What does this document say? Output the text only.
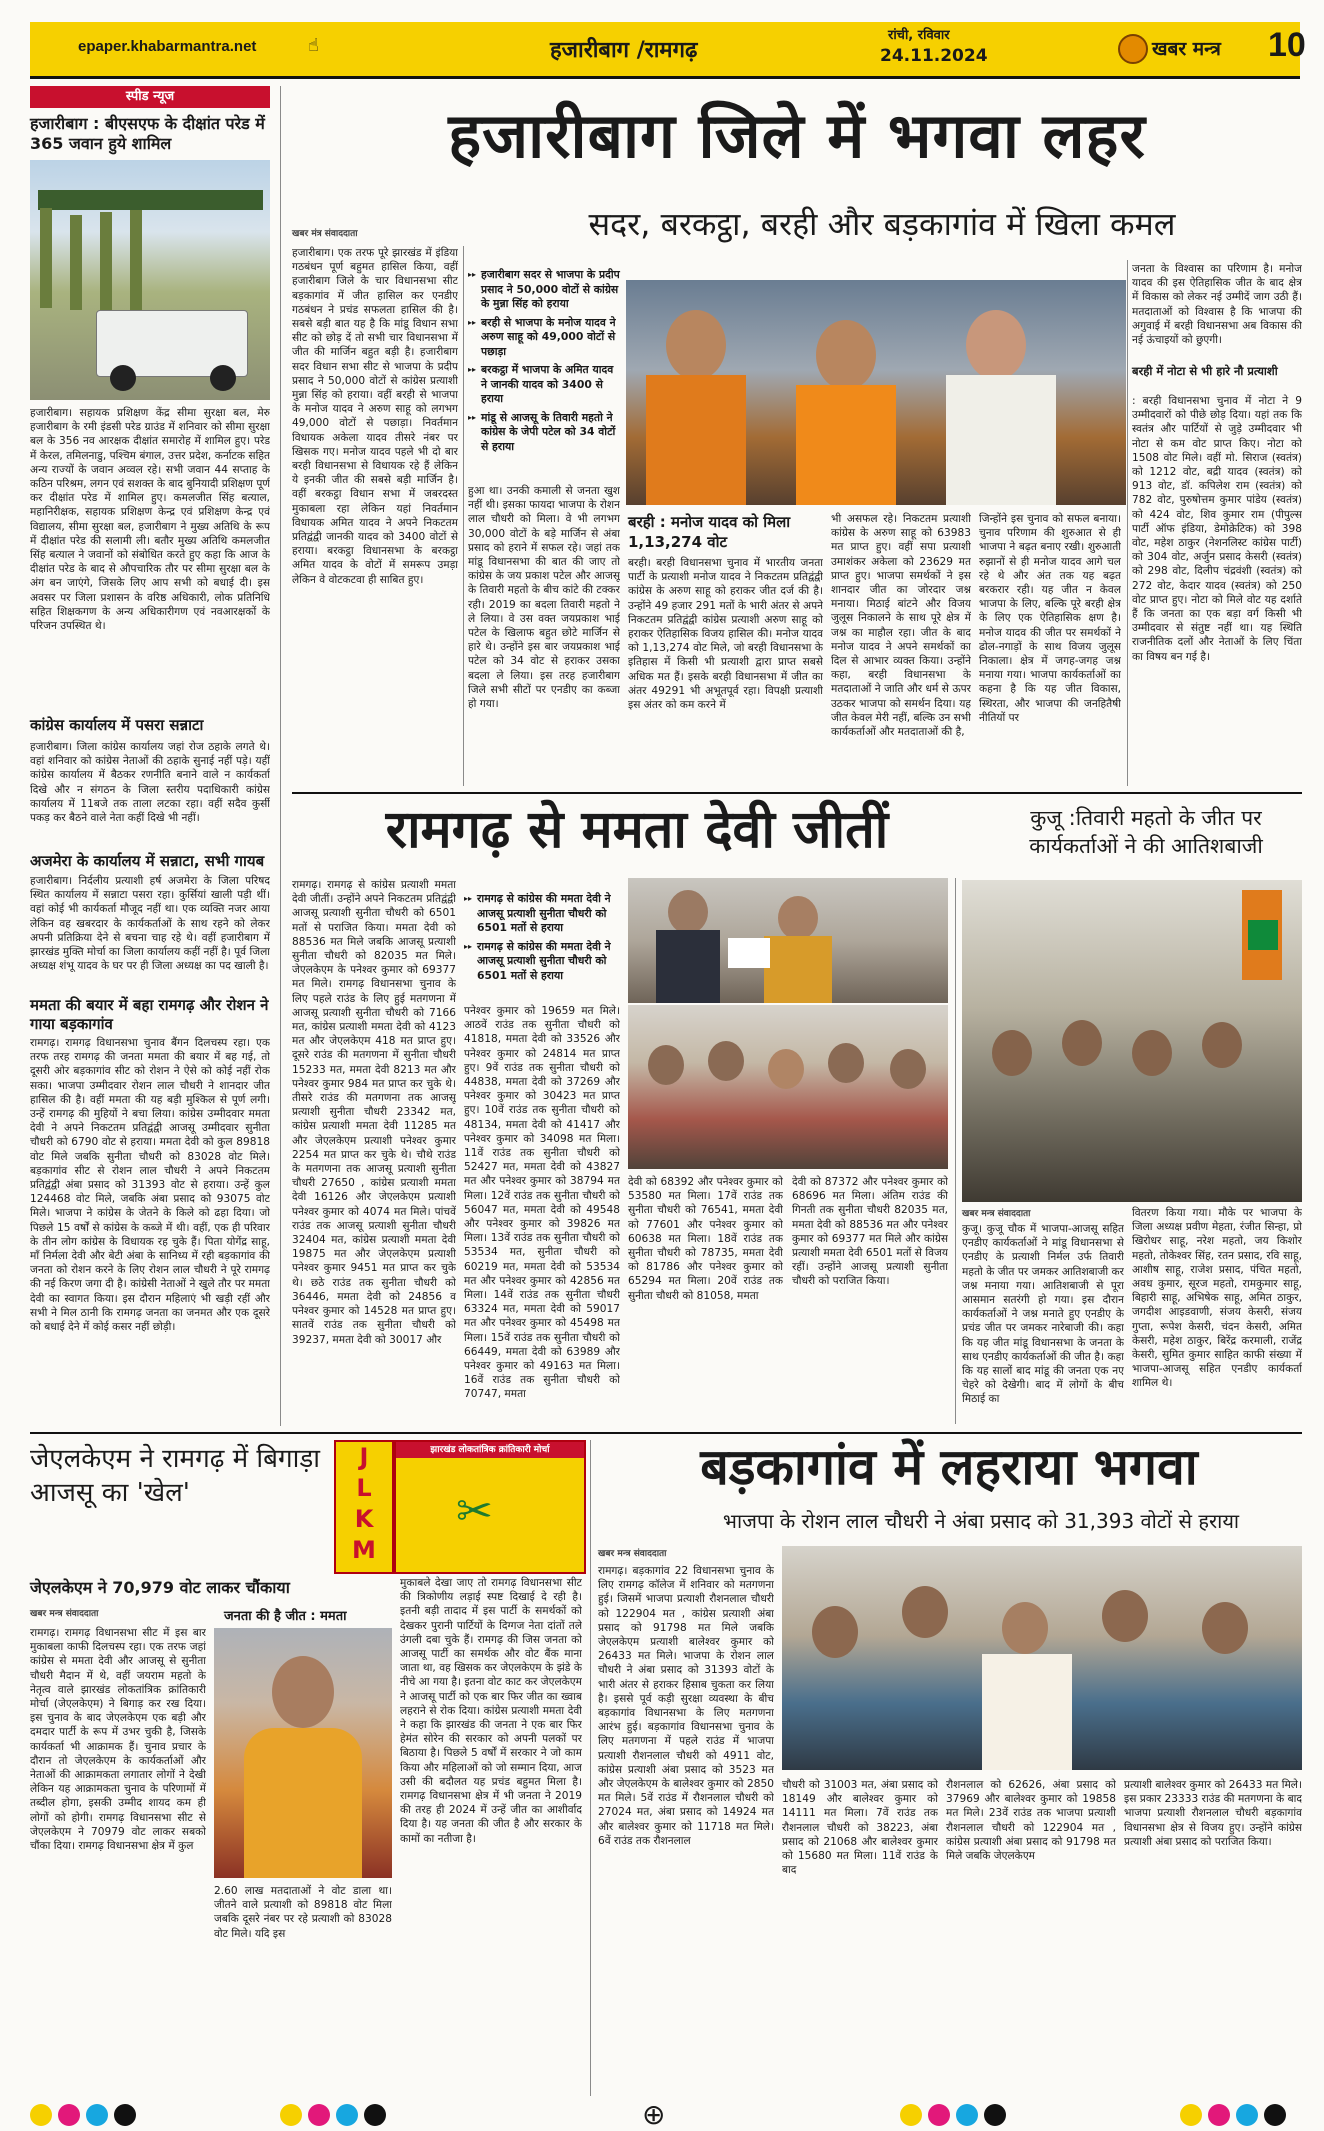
epaper.khabarmantra.net	☝	हजारीबाग /रामगढ़
रांची, रविवार
24.11.2024	खबर मन्त्र 10
स्पीड न्यूज
हजारीबाग : बीएसएफ के दीक्षांत परेड में 365 जवान हुये शामिल
हजारीबाग। सहायक प्रशिक्षण केंद्र सीमा सुरक्षा बल, मेरु हजारीबाग के रमी इंडसी परेड ग्राउंड में शनिवार को सीमा सुरक्षा बल के 356 नव आरक्षक दीक्षांत समारोह में शामिल हुए। परेड में केरल, तमिलनाडु, पश्चिम बंगाल, उत्तर प्रदेश, कर्नाटक सहित अन्य राज्यों के जवान अव्वल रहे। सभी जवान 44 सप्ताह के कठिन परिश्रम, लगन एवं सशक्त के बाद बुनियादी प्रशिक्षण पूर्ण कर दीक्षांत परेड में शामिल हुए। कमलजीत सिंह बत्याल, महानिरीक्षक, सहायक प्रशिक्षण केन्द्र एवं प्रशिक्षण केन्द्र एवं विद्यालय, सीमा सुरक्षा बल, हजारीबाग ने मुख्य अतिथि के रूप में दीक्षांत परेड की सलामी ली। बतौर मुख्य अतिथि कमलजीत सिंह बत्याल ने जवानों को संबोधित करते हुए कहा कि आज के दीक्षांत परेड के बाद से औपचारिक तौर पर सीमा सुरक्षा बल के अंग बन जाएंगे, जिसके लिए आप सभी को बधाई दी। इस अवसर पर जिला प्रशासन के वरिष्ठ अधिकारी, लोक प्रतिनिधि सहित शिक्षकगण के अन्य अधिकारीगण एवं नवआरक्षकों के परिजन उपस्थित थे।
कांग्रेस कार्यालय में पसरा सन्नाटा
हजारीबाग। जिला कांग्रेस कार्यालय जहां रोज ठहाके लगते थे। वहां शनिवार को कांग्रेस नेताओं की ठहाके सुनाई नहीं पड़े। यहीं कांग्रेस कार्यालय में बैठकर रणनीति बनाने वाले न कार्यकर्ता दिखे और न संगठन के जिला स्तरीय पदाधिकारी कांग्रेस कार्यालय में 11बजे तक ताला लटका रहा। वहीं सदैव कुर्सी पकड़ कर बैठने वाले नेता कहीं दिखे भी नहीं।
अजमेरा के कार्यालय में सन्नाटा, सभी गायब
हजारीबाग। निर्दलीय प्रत्याशी हर्ष अजमेरा के जिला परिषद स्थित कार्यालय में सन्नाटा पसरा रहा। कुर्सियां खाली पड़ी थीं। वहां कोई भी कार्यकर्ता मौजूद नहीं था। एक व्यक्ति नजर आया लेकिन वह खबरदार के कार्यकर्ताओं के साथ रहने को लेकर अपनी प्रतिक्रिया देने से बचना चाह रहे थे। वहीं हजारीबाग में झारखंड मुक्ति मोर्चा का जिला कार्यालय कहीं नहीं है। पूर्व जिला अध्यक्ष शंभू यादव के घर पर ही जिला अध्यक्ष का पद खाली है।
ममता की बयार में बहा रामगढ़ और रोशन ने गाया बड़कागांव
रामगढ़। रामगढ़ विधानसभा चुनाव बैंगन दिलचस्प रहा। एक तरफ तरह रामगढ़ की जनता ममता की बयार में बह गई, तो दूसरी ओर बड़कागांव सीट को रोशन ने ऐसे को कोई नहीं रोक सका। भाजपा उम्मीदवार रोशन लाल चौधरी ने शानदार जीत हासिल की है। वहीं ममता की यह बड़ी मुश्किल से पूर्ण लगी। उन्हें रामगढ़ की मुहियों ने बचा लिया। कांग्रेस उम्मीदवार ममता देवी ने अपने निकटतम प्रतिद्वंद्वी आजसू उम्मीदवार सुनीता चौधरी को 6790 वोट से हराया। ममता देवी को कुल 89818 वोट मिले जबकि सुनीता चौधरी को 83028 वोट मिले। बड़कागांव सीट से रोशन लाल चौधरी ने अपने निकटतम प्रतिद्वंद्वी अंबा प्रसाद को 31393 वोट से हराया। उन्हें कुल 124468 वोट मिले, जबकि अंबा प्रसाद को 93075 वोट मिले। भाजपा ने कांग्रेस के जेतने के किले को ढहा दिया। जो पिछले 15 वर्षों से कांग्रेस के कब्जे में थी। वहीं, एक ही परिवार के तीन लोग कांग्रेस के विधायक रह चुके हैं। पिता योगेंद्र साहू, माँ निर्मला देवी और बेटी अंबा के सानिध्य में रही बड़कागांव की जनता को रोशन करने के लिए रोशन लाल चौधरी ने पूरे रामगढ़ की नई किरण जगा दी है। कांग्रेसी नेताओं ने खुले तौर पर ममता देवी का स्वागत किया। इस दौरान महिलाएं भी खड़ी रहीं और सभी ने मिल ठानी कि रामगढ़ जनता का जनमत और एक दूसरे को बधाई देने में कोई कसर नहीं छोड़ी।
हजारीबाग जिले में भगवा लहर
सदर, बरकट्ठा, बरही और बड़कागांव में खिला कमल
खबर मंत्र संवाददाता
हजारीबाग। एक तरफ पूरे झारखंड में इंडिया गठबंधन पूर्ण बहुमत हासिल किया, वहीं हजारीबाग जिले के चार विधानसभा सीट बड़कागांव में जीत हासिल कर एनडीए गठबंधन ने प्रचंड सफलता हासिल की है। सबसे बड़ी बात यह है कि मांडू विधान सभा सीट को छोड़ दें तो सभी चार विधानसभा में जीत की मार्जिन बहुत बड़ी है। हजारीबाग सदर विधान सभा सीट से भाजपा के प्रदीप प्रसाद ने 50,000 वोटों से कांग्रेस प्रत्याशी मुन्ना सिंह को हराया। वहीं बरही से भाजपा के मनोज यादव ने अरुण साहू को लगभग 49,000 वोटों से पछाड़ा। निवर्तमान विधायक अकेला यादव तीसरे नंबर पर खिसक गए। मनोज यादव पहले भी दो बार बरही विधानसभा से विधायक रहे हैं लेकिन ये इनकी जीत की सबसे बड़ी मार्जिन है। वहीं बरकट्ठा विधान सभा में जबरदस्त मुकाबला रहा लेकिन यहां निवर्तमान विधायक अमित यादव ने अपने निकटतम प्रतिद्वंद्वी जानकी यादव को 3400 वोटों से हराया। बरकट्ठा विधानसभा के बरकट्ठा अमित यादव के वोटों में समरूप उमड़ा लेकिन वे वोटकटवा ही साबित हुए।
▸▸ हजारीबाग सदर से भाजपा के प्रदीप प्रसाद ने 50,000 वोटों से कांग्रेस के मुन्ना सिंह को हराया
▸▸ बरही से भाजपा के मनोज यादव ने अरुण साहू को 49,000 वोटों से पछाड़ा
▸▸ बरकट्ठा में भाजपा के अमित यादव ने जानकी यादव को 3400 से हराया
▸▸ मांडू से आजसू के तिवारी महतो ने कांग्रेस के जेपी पटेल को 34 वोटों से हराया
हुआ था। उनकी कमाली से जनता खुश नहीं थी। इसका फायदा भाजपा के रोशन लाल चौधरी को मिला। वे भी लगभग 30,000 वोटों के बड़े मार्जिन से अंबा प्रसाद को हराने में सफल रहे। जहां तक मांडू विधानसभा की बात की जाए तो कांग्रेस के जय प्रकाश पटेल और आजसू के तिवारी महतो के बीच कांटे की टक्कर रही। 2019 का बदला तिवारी महतो ने ले लिया। वे उस वक्त जयप्रकाश भाई पटेल के खिलाफ बहुत छोटे मार्जिन से हारे थे। उन्होंने इस बार जयप्रकाश भाई पटेल को 34 वोट से हराकर उसका बदला ले लिया। इस तरह हजारीबाग जिले सभी सीटों पर एनडीए का कब्जा हो गया।
बरही : मनोज यादव को मिला 1,13,274 वोट
बरही। बरही विधानसभा चुनाव में भारतीय जनता पार्टी के प्रत्याशी मनोज यादव ने निकटतम प्रतिद्वंद्वी कांग्रेस के अरुण साहू को हराकर जीत दर्ज की है। उन्होंने 49 हजार 291 मतों के भारी अंतर से अपने निकटतम प्रतिद्वंद्वी कांग्रेस प्रत्याशी अरुण साहू को हराकर ऐतिहासिक विजय हासिल की। मनोज यादव को 1,13,274 वोट मिले, जो बरही विधानसभा के इतिहास में किसी भी प्रत्याशी द्वारा प्राप्त सबसे अधिक मत हैं। इसके बरही विधानसभा में जीत का अंतर 49291 भी अभूतपूर्व रहा। विपक्षी प्रत्याशी इस अंतर को कम करने में
भी असफल रहे। निकटतम प्रत्याशी कांग्रेस के अरुण साहू को 63983 मत प्राप्त हुए। वहीं सपा प्रत्याशी उमाशंकर अकेला को 23629 मत प्राप्त हुए। भाजपा समर्थकों ने इस शानदार जीत का जोरदार जश्न मनाया। मिठाई बांटने और विजय जुलूस निकालने के साथ पूरे क्षेत्र में जश्न का माहौल रहा। जीत के बाद मनोज यादव ने अपने समर्थकों का दिल से आभार व्यक्त किया। उन्होंने कहा, बरही विधानसभा के मतदाताओं ने जाति और धर्म से ऊपर उठकर भाजपा को समर्थन दिया। यह जीत केवल मेरी नहीं, बल्कि उन सभी कार्यकर्ताओं और मतदाताओं की है,
जिन्होंने इस चुनाव को सफल बनाया। चुनाव परिणाम की शुरुआत से ही भाजपा ने बढ़त बनाए रखी। शुरुआती रुझानों से ही मनोज यादव आगे चल रहे थे और अंत तक यह बढ़त बरकरार रही। यह जीत न केवल भाजपा के लिए, बल्कि पूरे बरही क्षेत्र के लिए एक ऐतिहासिक क्षण है। मनोज यादव की जीत पर समर्थकों ने ढोल-नगाड़ों के साथ विजय जुलूस निकाला। क्षेत्र में जगह-जगह जश्न मनाया गया। भाजपा कार्यकर्ताओं का कहना है कि यह जीत विकास, स्थिरता, और भाजपा की जनहितैषी नीतियों पर
जनता के विश्वास का परिणाम है। मनोज यादव की इस ऐतिहासिक जीत के बाद क्षेत्र में विकास को लेकर नई उम्मीदें जाग उठी हैं। मतदाताओं को विश्वास है कि भाजपा की अगुवाई में बरही विधानसभा अब विकास की नई ऊंचाइयों को छुएगी।
बरही में नोटा से भी हारे नौ प्रत्याशी
: बरही विधानसभा चुनाव में नोटा ने 9 उम्मीदवारों को पीछे छोड़ दिया। यहां तक कि स्वतंत्र और पार्टियों से जुड़े उम्मीदवार भी नोटा से कम वोट प्राप्त किए। नोटा को 1508 वोट मिले। वहीं मो. सिराज (स्वतंत्र) को 1212 वोट, बद्री यादव (स्वतंत्र) को 913 वोट, डॉ. कपिलेश राम (स्वतंत्र) को 782 वोट, पुरुषोत्तम कुमार पांडेय (स्वतंत्र) को 424 वोट, शिव कुमार राम (पीपुल्स पार्टी ऑफ इंडिया, डेमोक्रेटिक) को 398 वोट, महेश ठाकुर (नेशनलिस्ट कांग्रेस पार्टी) को 304 वोट, अर्जुन प्रसाद केसरी (स्वतंत्र) को 298 वोट, दिलीप चंद्रवंशी (स्वतंत्र) को 272 वोट, केदार यादव (स्वतंत्र) को 250 वोट प्राप्त हुए। नोटा को मिले वोट यह दर्शाते हैं कि जनता का एक बड़ा वर्ग किसी भी उम्मीदवार से संतुष्ट नहीं था। यह स्थिति राजनीतिक दलों और नेताओं के लिए चिंता का विषय बन गई है।
रामगढ़ से ममता देवी जीतीं	कुजू :तिवारी महतो के जीत पर कार्यकर्ताओं ने की आतिशबाजी
रामगढ़। रामगढ़ से कांग्रेस प्रत्याशी ममता देवी जीतीं। उन्होंने अपने निकटतम प्रतिद्वंद्वी आजसू प्रत्याशी सुनीता चौधरी को 6501 मतों से पराजित किया। ममता देवी को 88536 मत मिले जबकि आजसू प्रत्याशी सुनीता चौधरी को 82035 मत मिले। जेएलकेएम के पनेश्वर कुमार को 69377 मत मिले। रामगढ़ विधानसभा चुनाव के लिए पहले राउंड के लिए हुई मतगणना में आजसू प्रत्याशी सुनीता चौधरी को 7166 मत, कांग्रेस प्रत्याशी ममता देवी को 4123 मत और जेएलकेएम 418 मत प्राप्त हुए। दूसरे राउंड की मतगणना में सुनीता चौधरी 15233 मत, ममता देवी 8213 मत और पनेश्वर कुमार 984 मत प्राप्त कर चुके थे। तीसरे राउंड की मतगणना तक आजसू प्रत्याशी सुनीता चौधरी 23342 मत, कांग्रेस प्रत्याशी ममता देवी 11285 मत और जेएलकेएम प्रत्याशी पनेश्वर कुमार 2254 मत प्राप्त कर चुके थे। चौथे राउंड के मतगणना तक आजसू प्रत्याशी सुनीता चौधरी 27650 , कांग्रेस प्रत्याशी ममता देवी 16126 और जेएलकेएम प्रत्याशी पनेश्वर कुमार को 4074 मत मिले। पांचवें राउंड तक आजसू प्रत्याशी सुनीता चौधरी 32404 मत, कांग्रेस प्रत्याशी ममता देवी 19875 मत और जेएलकेएम प्रत्याशी पनेश्वर कुमार 9451 मत प्राप्त कर चुके थे। छठे राउंड तक सुनीता चौधरी को 36446, ममता देवी को 24856 व पनेश्वर कुमार को 14528 मत प्राप्त हुए। सातवें राउंड तक सुनीता चौधरी को 39237, ममता देवी को 30017 और
▸▸ रामगढ़ से कांग्रेस की ममता देवी ने आजसू प्रत्याशी सुनीता चौधरी को 6501 मतों से हराया
▸▸ रामगढ़ से कांग्रेस की ममता देवी ने आजसू प्रत्याशी सुनीता चौधरी को 6501 मतों से हराया
पनेश्वर कुमार को 19659 मत मिले। आठवें राउंड तक सुनीता चौधरी को 41818, ममता देवी को 33526 और पनेश्वर कुमार को 24814 मत प्राप्त हुए। 9वें राउंड तक सुनीता चौधरी को 44838, ममता देवी को 37269 और पनेश्वर कुमार को 30423 मत प्राप्त हुए। 10वें राउंड तक सुनीता चौधरी को 48134, ममता देवी को 41417 और पनेश्वर कुमार को 34098 मत मिला। 11वें राउंड तक सुनीता चौधरी को 52427 मत, ममता देवी को 43827 मत और पनेश्वर कुमार को 38794 मत मिला। 12वें राउंड तक सुनीता चौधरी को 56047 मत, ममता देवी को 49548 और पनेश्वर कुमार को 39826 मत मिला। 13वें राउंड तक सुनीता चौधरी को 53534 मत, सुनीता चौधरी को 60219 मत, ममता देवी को 53534 मत और पनेश्वर कुमार को 42856 मत मिला। 14वें राउंड तक सुनीता चौधरी 63324 मत, ममता देवी को 59017 मत और पनेश्वर कुमार को 45498 मत मिला। 15वें राउंड तक सुनीता चौधरी को 66449, ममता देवी को 63989 और पनेश्वर कुमार को 49163 मत मिला। 16वें राउंड तक सुनीता चौधरी को 70747, ममता
देवी को 68392 और पनेश्वर कुमार को 53580 मत मिला। 17वें राउंड तक सुनीता चौधरी को 76541, ममता देवी को 77601 और पनेश्वर कुमार को 60638 मत मिला। 18वें राउंड तक सुनीता चौधरी को 78735, ममता देवी को 81786 और पनेश्वर कुमार को 65294 मत मिला। 20वें राउंड तक सुनीता चौधरी को 81058, ममता
देवी को 87372 और पनेश्वर कुमार को 68696 मत मिला। अंतिम राउंड की गिनती तक सुनीता चौधरी 82035 मत, ममता देवी को 88536 मत और पनेश्वर कुमार को 69377 मत मिले और कांग्रेस प्रत्याशी ममता देवी 6501 मतों से विजय रहीं। उन्होंने आजसू प्रत्याशी सुनीता चौधरी को पराजित किया।
खबर मन्त्र संवाददाता
कुजू। कुजू चौक में भाजपा-आजसू सहित एनडीए कार्यकर्ताओं ने मांडू विधानसभा से एनडीए के प्रत्याशी निर्मल उर्फ तिवारी महतो के जीत पर जमकर आतिशबाजी कर जश्न मनाया गया। आतिशबाजी से पूरा आसमान सतरंगी हो गया। इस दौरान कार्यकर्ताओं ने जश्न मनाते हुए एनडीए के प्रचंड जीत पर जमकर नारेबाजी की। कहा कि यह जीत मांडू विधानसभा के जनता के साथ एनडीए कार्यकर्ताओं की जीत है। कहा कि यह सालों बाद मांडू की जनता एक नए चेहरे को देखेगी। बाद में लोगों के बीच मिठाई का
वितरण किया गया। मौके पर भाजपा के जिला अध्यक्ष प्रवीण मेहता, रंजीत सिन्हा, प्रो खिरोधर साहू, नरेश महतो, जय किशोर महतो, तोकेश्वर सिंह, रतन प्रसाद, रवि साहू, आशीष साहू, राजेश प्रसाद, पंचित महतो, अवध कुमार, सूरज महतो, रामकुमार साहू, बिहारी साहू, अभिषेक साहू, अमित ठाकुर, जगदीश आइडवाणी, संजय केसरी, संजय गुप्ता, रूपेश केसरी, चंदन केसरी, अमित केसरी, महेश ठाकुर, बिरेंद्र करमाली, राजेंद्र केसरी, सुमित कुमार साहित काफी संख्या में भाजपा-आजसू सहित एनडीए कार्यकर्ता शामिल थे।
जेएलकेएम ने रामगढ़ में बिगाड़ा आजसू का 'खेल'
J
L
K
M
झारखंड लोकतांत्रिक क्रांतिकारी मोर्चा
✂
जेएलकेएम ने 70,979 वोट लाकर चौंकाया
खबर मन्त्र संवाददाता	जनता की है जीत : ममता
रामगढ़। रामगढ़ विधानसभा सीट में इस बार मुकाबला काफी दिलचस्प रहा। एक तरफ जहां कांग्रेस से ममता देवी और आजसू से सुनीता चौधरी मैदान में थे, वहीं जयराम महतो के नेतृत्व वाले झारखंड लोकतांत्रिक क्रांतिकारी मोर्चा (जेएलकेएम) ने बिगाड़ कर रख दिया। इस चुनाव के बाद जेएलकेएम एक बड़ी और दमदार पार्टी के रूप में उभर चुकी है, जिसके कार्यकर्ता भी आक्रामक हैं। चुनाव प्रचार के दौरान तो जेएलकेएम के कार्यकर्ताओं और नेताओं की आक्रामकता लगातार लोगों ने देखी लेकिन यह आक्रामकता चुनाव के परिणामों में तब्दील होगा, इसकी उम्मीद शायद कम ही लोगों को होगी। रामगढ़ विधानसभा सीट से जेएलकेएम ने 70979 वोट लाकर सबको चौंका दिया। रामगढ़ विधानसभा क्षेत्र में कुल
2.60 लाख मतदाताओं ने वोट डाला था। जीतने वाले प्रत्याशी को 89818 वोट मिला जबकि दूसरे नंबर पर रहे प्रत्याशी को 83028 वोट मिले। यदि इस
मुकाबले देखा जाए तो रामगढ़ विधानसभा सीट की त्रिकोणीय लड़ाई स्पष्ट दिखाई दे रही है। इतनी बड़ी तादाद में इस पार्टी के समर्थकों को देखकर पुरानी पार्टियों के दिग्गज नेता दांतों तले उंगली दबा चुके हैं। रामगढ़ की जिस जनता को आजसू पार्टी का समर्थक और वोट बैंक माना जाता था, वह खिसक कर जेएलकेएम के झंडे के नीचे आ गया है। इतना वोट काट कर जेएलकेएम ने आजसू पार्टी को एक बार फिर जीत का ख्वाब लहराने से रोक दिया। कांग्रेस प्रत्याशी ममता देवी ने कहा कि झारखंड की जनता ने एक बार फिर हेमंत सोरेन की सरकार को अपनी पलकों पर बिठाया है। पिछले 5 वर्षों में सरकार ने जो काम किया और महिलाओं को जो सम्मान दिया, आज उसी की बदौलत यह प्रचंड बहुमत मिला है। रामगढ़ विधानसभा क्षेत्र में भी जनता ने 2019 की तरह ही 2024 में उन्हें जीत का आशीर्वाद दिया है। यह जनता की जीत है और सरकार के कामों का नतीजा है।
बड़कागांव में लहराया भगवा
भाजपा के रोशन लाल चौधरी ने अंबा प्रसाद को 31,393 वोटों से हराया
खबर मन्त्र संवाददाता
रामगढ़। बड़कागांव 22 विधानसभा चुनाव के लिए रामगढ़ कॉलेज में शनिवार को मतगणना हुई। जिसमें भाजपा प्रत्याशी रौशनलाल चौधरी को 122904 मत , कांग्रेस प्रत्याशी अंबा प्रसाद को 91798 मत मिले जबकि जेएलकेएम प्रत्याशी बालेश्वर कुमार को 26433 मत मिले। भाजपा के रोशन लाल चौधरी ने अंबा प्रसाद को 31393 वोटों के भारी अंतर से हराकर हिसाब चुकता कर लिया है। इससे पूर्व कड़ी सुरक्षा व्यवस्था के बीच बड़कागांव विधानसभा के लिए मतगणना आरंभ हुई। बड़कागांव विधानसभा चुनाव के लिए मतगणना में पहले राउंड में भाजपा प्रत्याशी रौशनलाल चौधरी को 4911 वोट, कांग्रेस प्रत्याशी अंबा प्रसाद को 3523 मत और जेएलकेएम के बालेश्वर कुमार को 2850 मत मिले। 5वें राउंड में रौशनलाल चौधरी को 27024 मत, अंबा प्रसाद को 14924 मत और बालेश्वर कुमार को 11718 मत मिले। 6वें राउंड तक रौशनलाल
चौधरी को 31003 मत, अंबा प्रसाद को 18149 और बालेश्वर कुमार को 14111 मत मिला। 7वें राउंड तक रौशनलाल चौधरी को 38223, अंबा प्रसाद को 21068 और बालेश्वर कुमार को 15680 मत मिला। 11वें राउंड के बाद
रौशनलाल को 62626, अंबा प्रसाद को 37969 और बालेश्वर कुमार को 19858 मत मिले। 23वें राउंड तक भाजपा प्रत्याशी रौशनलाल चौधरी को 122904 मत , कांग्रेस प्रत्याशी अंबा प्रसाद को 91798 मत मिले जबकि जेएलकेएम
प्रत्याशी बालेश्वर कुमार को 26433 मत मिले। इस प्रकार 23333 राउंड की मतगणना के बाद भाजपा प्रत्याशी रौशनलाल चौधरी बड़कागांव विधानसभा क्षेत्र से विजय हुए। उन्होंने कांग्रेस प्रत्याशी अंबा प्रसाद को पराजित किया।
⊕
